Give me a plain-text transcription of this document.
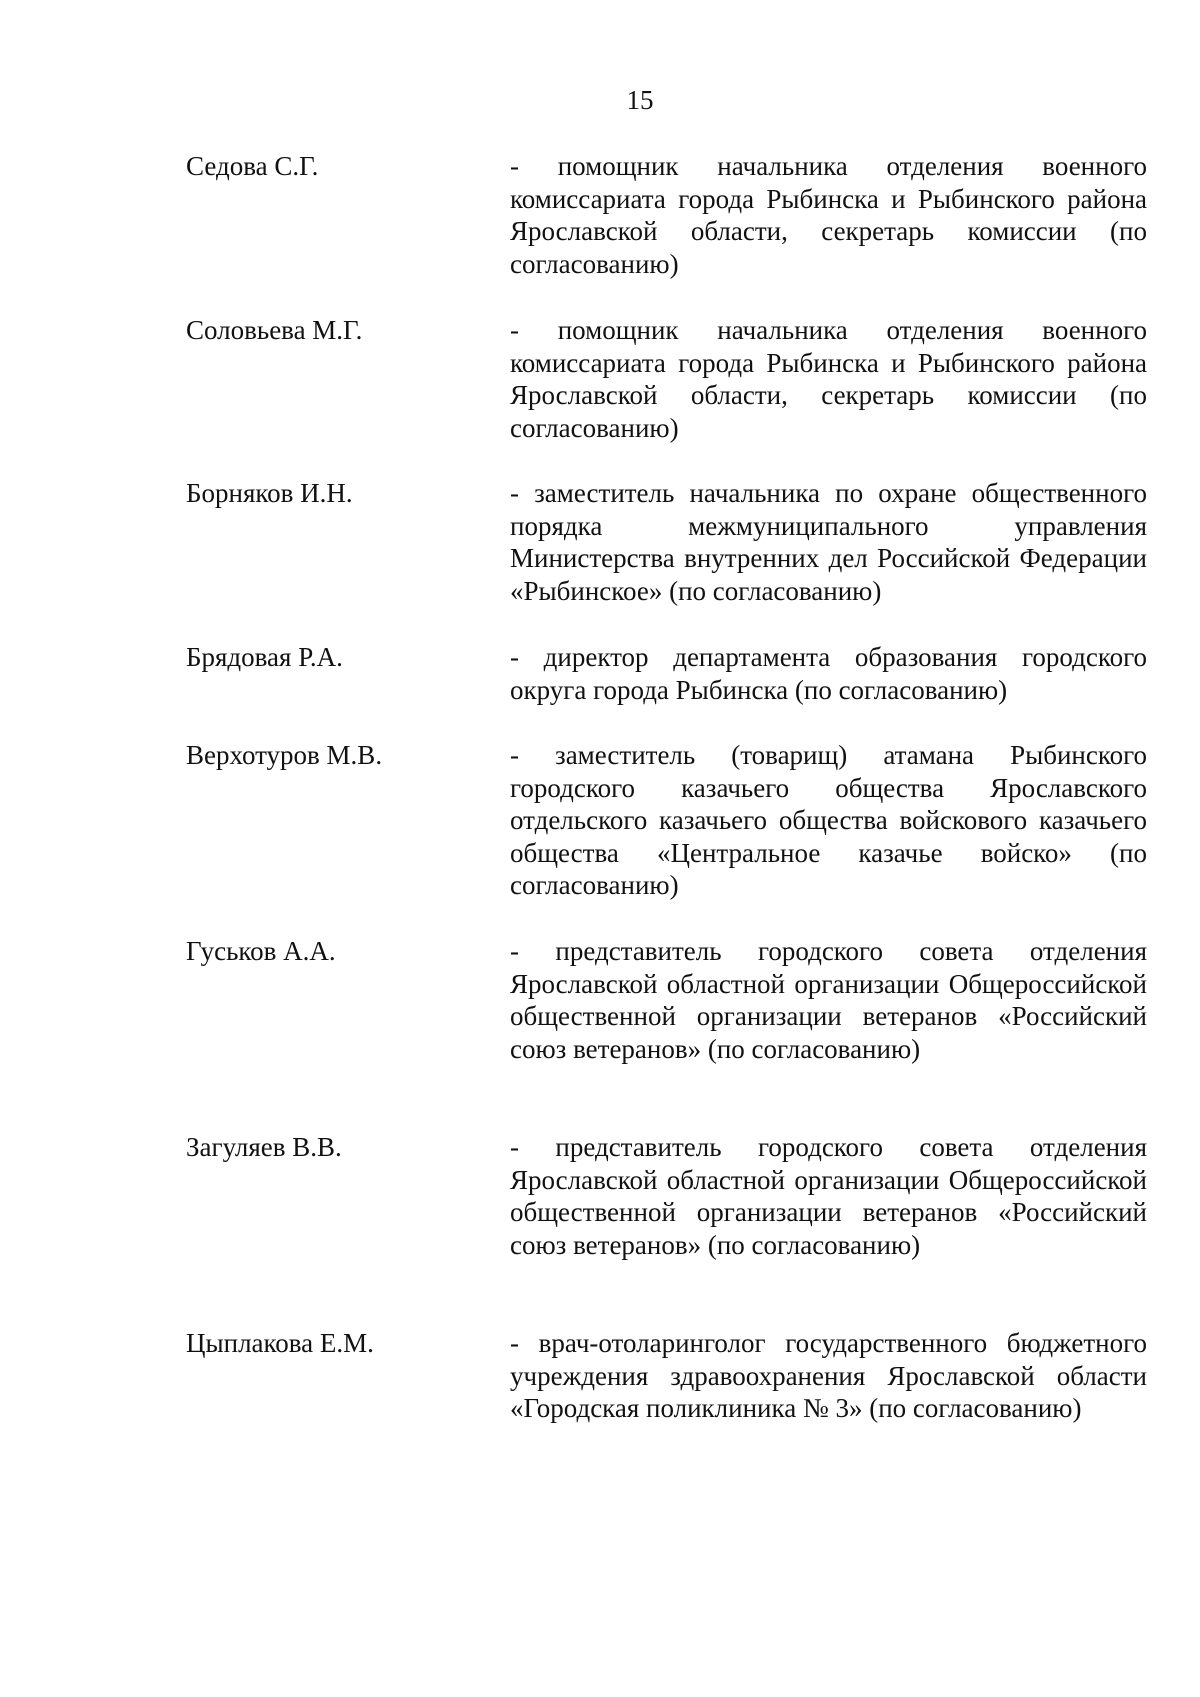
15
Седова С.Г.	- помощник начальника отделения военного комиссариата города Рыбинска и Рыбинского района Ярославской области, секретарь комиссии (по согласованию)

Соловьева М.Г.	- помощник начальника отделения военного комиссариата города Рыбинска и Рыбинского района Ярославской области, секретарь комиссии (по согласованию)

Борняков И.Н.	- заместитель начальника по охране общественного порядка межмуниципального управления Министерства внутренних дел Российской Федерации «Рыбинское» (по согласованию)

Брядовая Р.А.	- директор департамента образования городского округа города Рыбинска (по согласованию)

Верхотуров М.В.	- заместитель (товарищ) атамана Рыбинского городского казачьего общества Ярославского отдельского казачьего общества войскового казачьего общества «Центральное казачье войско» (по согласованию)

Гуськов А.А.	- представитель городского совета отделения Ярославской областной организации Общероссийской общественной организации ветеранов «Российский союз ветеранов» (по согласованию)

Загуляев В.В.	- представитель городского совета отделения Ярославской областной организации Общероссийской общественной организации ветеранов «Российский союз ветеранов» (по согласованию)

Цыплакова Е.М.	- врач-отоларинголог государственного бюджетного учреждения здравоохранения Ярославской области «Городская поликлиника № 3» (по согласованию)
